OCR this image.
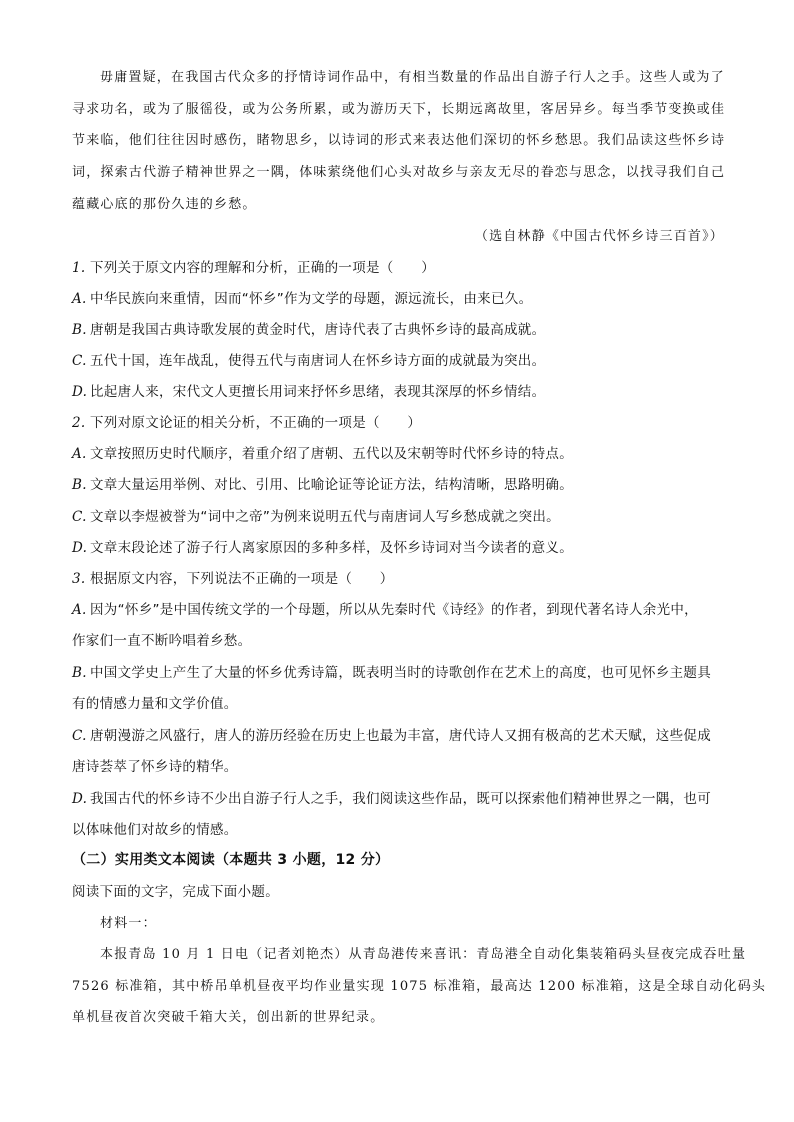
毋庸置疑，在我国古代众多的抒情诗词作品中，有相当数量的作品出自游子行人之手。这些人或为了
寻求功名，或为了服徭役，或为公务所累，或为游历天下，长期远离故里，客居异乡。每当季节变换或佳
节来临，他们往往因时感伤，睹物思乡，以诗词的形式来表达他们深切的怀乡愁思。我们品读这些怀乡诗
词，探索古代游子精神世界之一隅，体味萦绕他们心头对故乡与亲友无尽的眷恋与思念，以找寻我们自己
蕴藏心底的那份久违的乡愁。
（选自林静《中国古代怀乡诗三百首》）
1. 下列关于原文内容的理解和分析，正确的一项是（　　）
A. 中华民族向来重情，因而“怀乡”作为文学的母题，源远流长，由来已久。
B. 唐朝是我国古典诗歌发展的黄金时代，唐诗代表了古典怀乡诗的最高成就。
C. 五代十国，连年战乱，使得五代与南唐词人在怀乡诗方面的成就最为突出。
D. 比起唐人来，宋代文人更擅长用词来抒怀乡思绪，表现其深厚的怀乡情结。
2. 下列对原文论证的相关分析，不正确的一项是（　　）
A. 文章按照历史时代顺序，着重介绍了唐朝、五代以及宋朝等时代怀乡诗的特点。
B. 文章大量运用举例、对比、引用、比喻论证等论证方法，结构清晰，思路明确。
C. 文章以李煜被誉为“词中之帝”为例来说明五代与南唐词人写乡愁成就之突出。
D. 文章末段论述了游子行人离家原因的多种多样，及怀乡诗词对当今读者的意义。
3. 根据原文内容，下列说法不正确的一项是（　　）
A. 因为“怀乡”是中国传统文学的一个母题，所以从先秦时代《诗经》的作者，到现代著名诗人余光中，
作家们一直不断吟唱着乡愁。
B. 中国文学史上产生了大量的怀乡优秀诗篇，既表明当时的诗歌创作在艺术上的高度，也可见怀乡主题具
有的情感力量和文学价值。
C. 唐朝漫游之风盛行，唐人的游历经验在历史上也最为丰富，唐代诗人又拥有极高的艺术天赋，这些促成
唐诗荟萃了怀乡诗的精华。
D. 我国古代的怀乡诗不少出自游子行人之手，我们阅读这些作品，既可以探索他们精神世界之一隅，也可
以体味他们对故乡的情感。
（二）实用类文本阅读（本题共 3 小题，12 分）
阅读下面的文字，完成下面小题。
材料一：
本报青岛 10 月 1 日电（记者刘艳杰）从青岛港传来喜讯：青岛港全自动化集装箱码头昼夜完成吞吐量
7526 标准箱，其中桥吊单机昼夜平均作业量实现 1075 标准箱，最高达 1200 标准箱，这是全球自动化码头
单机昼夜首次突破千箱大关，创出新的世界纪录。
